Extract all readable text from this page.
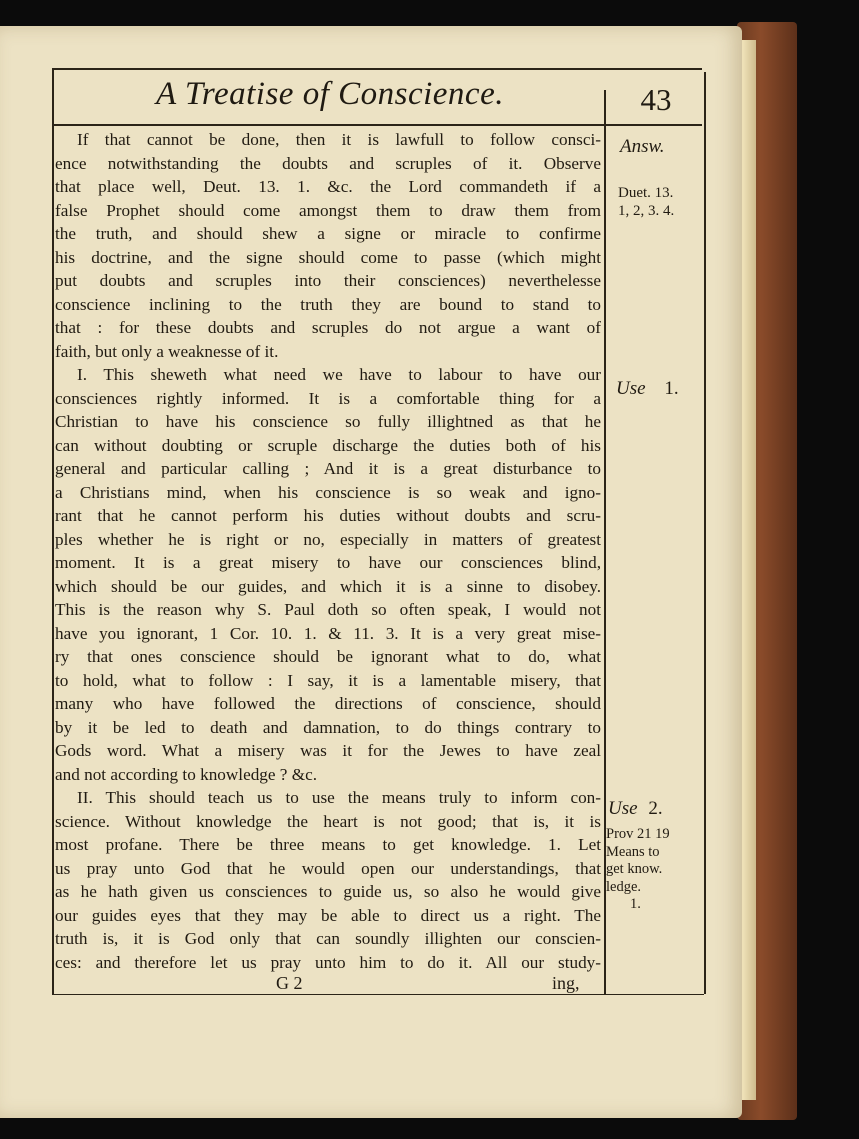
A Treatise of Conscience.	43
If that cannot be done, then it is lawfull to follow consci-
ence notwithstanding the doubts and scruples of it. Observe
that place well, Deut. 13. 1. &c. the Lord commandeth if a
false Prophet should come amongst them to draw them from
the truth, and should shew a signe or miracle to confirme
his doctrine, and the signe should come to passe (which might
put doubts and scruples into their consciences) neverthelesse
conscience inclining to the truth they are bound to stand to
that : for these doubts and scruples do not argue a want of
faith, but only a weaknesse of it.
I. This sheweth what need we have to labour to have our
consciences rightly informed. It is a comfortable thing for a
Christian to have his conscience so fully illightned as that he
can without doubting or scruple discharge the duties both of his
general and particular calling ; And it is a great disturbance to
a Christians mind, when his conscience is so weak and igno-
rant that he cannot perform his duties without doubts and scru-
ples whether he is right or no, especially in matters of greatest
moment. It is a great misery to have our consciences blind,
which should be our guides, and which it is a sinne to disobey.
This is the reason why S. Paul doth so often speak, I would not
have you ignorant, 1 Cor. 10. 1. & 11. 3. It is a very great mise-
ry that ones conscience should be ignorant what to do, what
to hold, what to follow : I say, it is a lamentable misery, that
many who have followed the directions of conscience, should
by it be led to death and damnation, to do things contrary to
Gods word. What a misery was it for the Jewes to have zeal
and not according to knowledge ? &c.
II. This should teach us to use the means truly to inform con-
science. Without knowledge the heart is not good; that is, it is
most profane. There be three means to get knowledge. 1. Let
us pray unto God that he would open our understandings, that
as he hath given us consciences to guide us, so also he would give
our guides eyes that they may be able to direct us a right. The
truth is, it is God only that can soundly illighten our conscien-
ces: and therefore let us pray unto him to do it. All our study-
Answ.
Duet. 13.
1, 2, 3. 4.
Use 1.
Use 2.
Prov 21 19
Means to
get know.
ledge.
1.
G 2	ing,
